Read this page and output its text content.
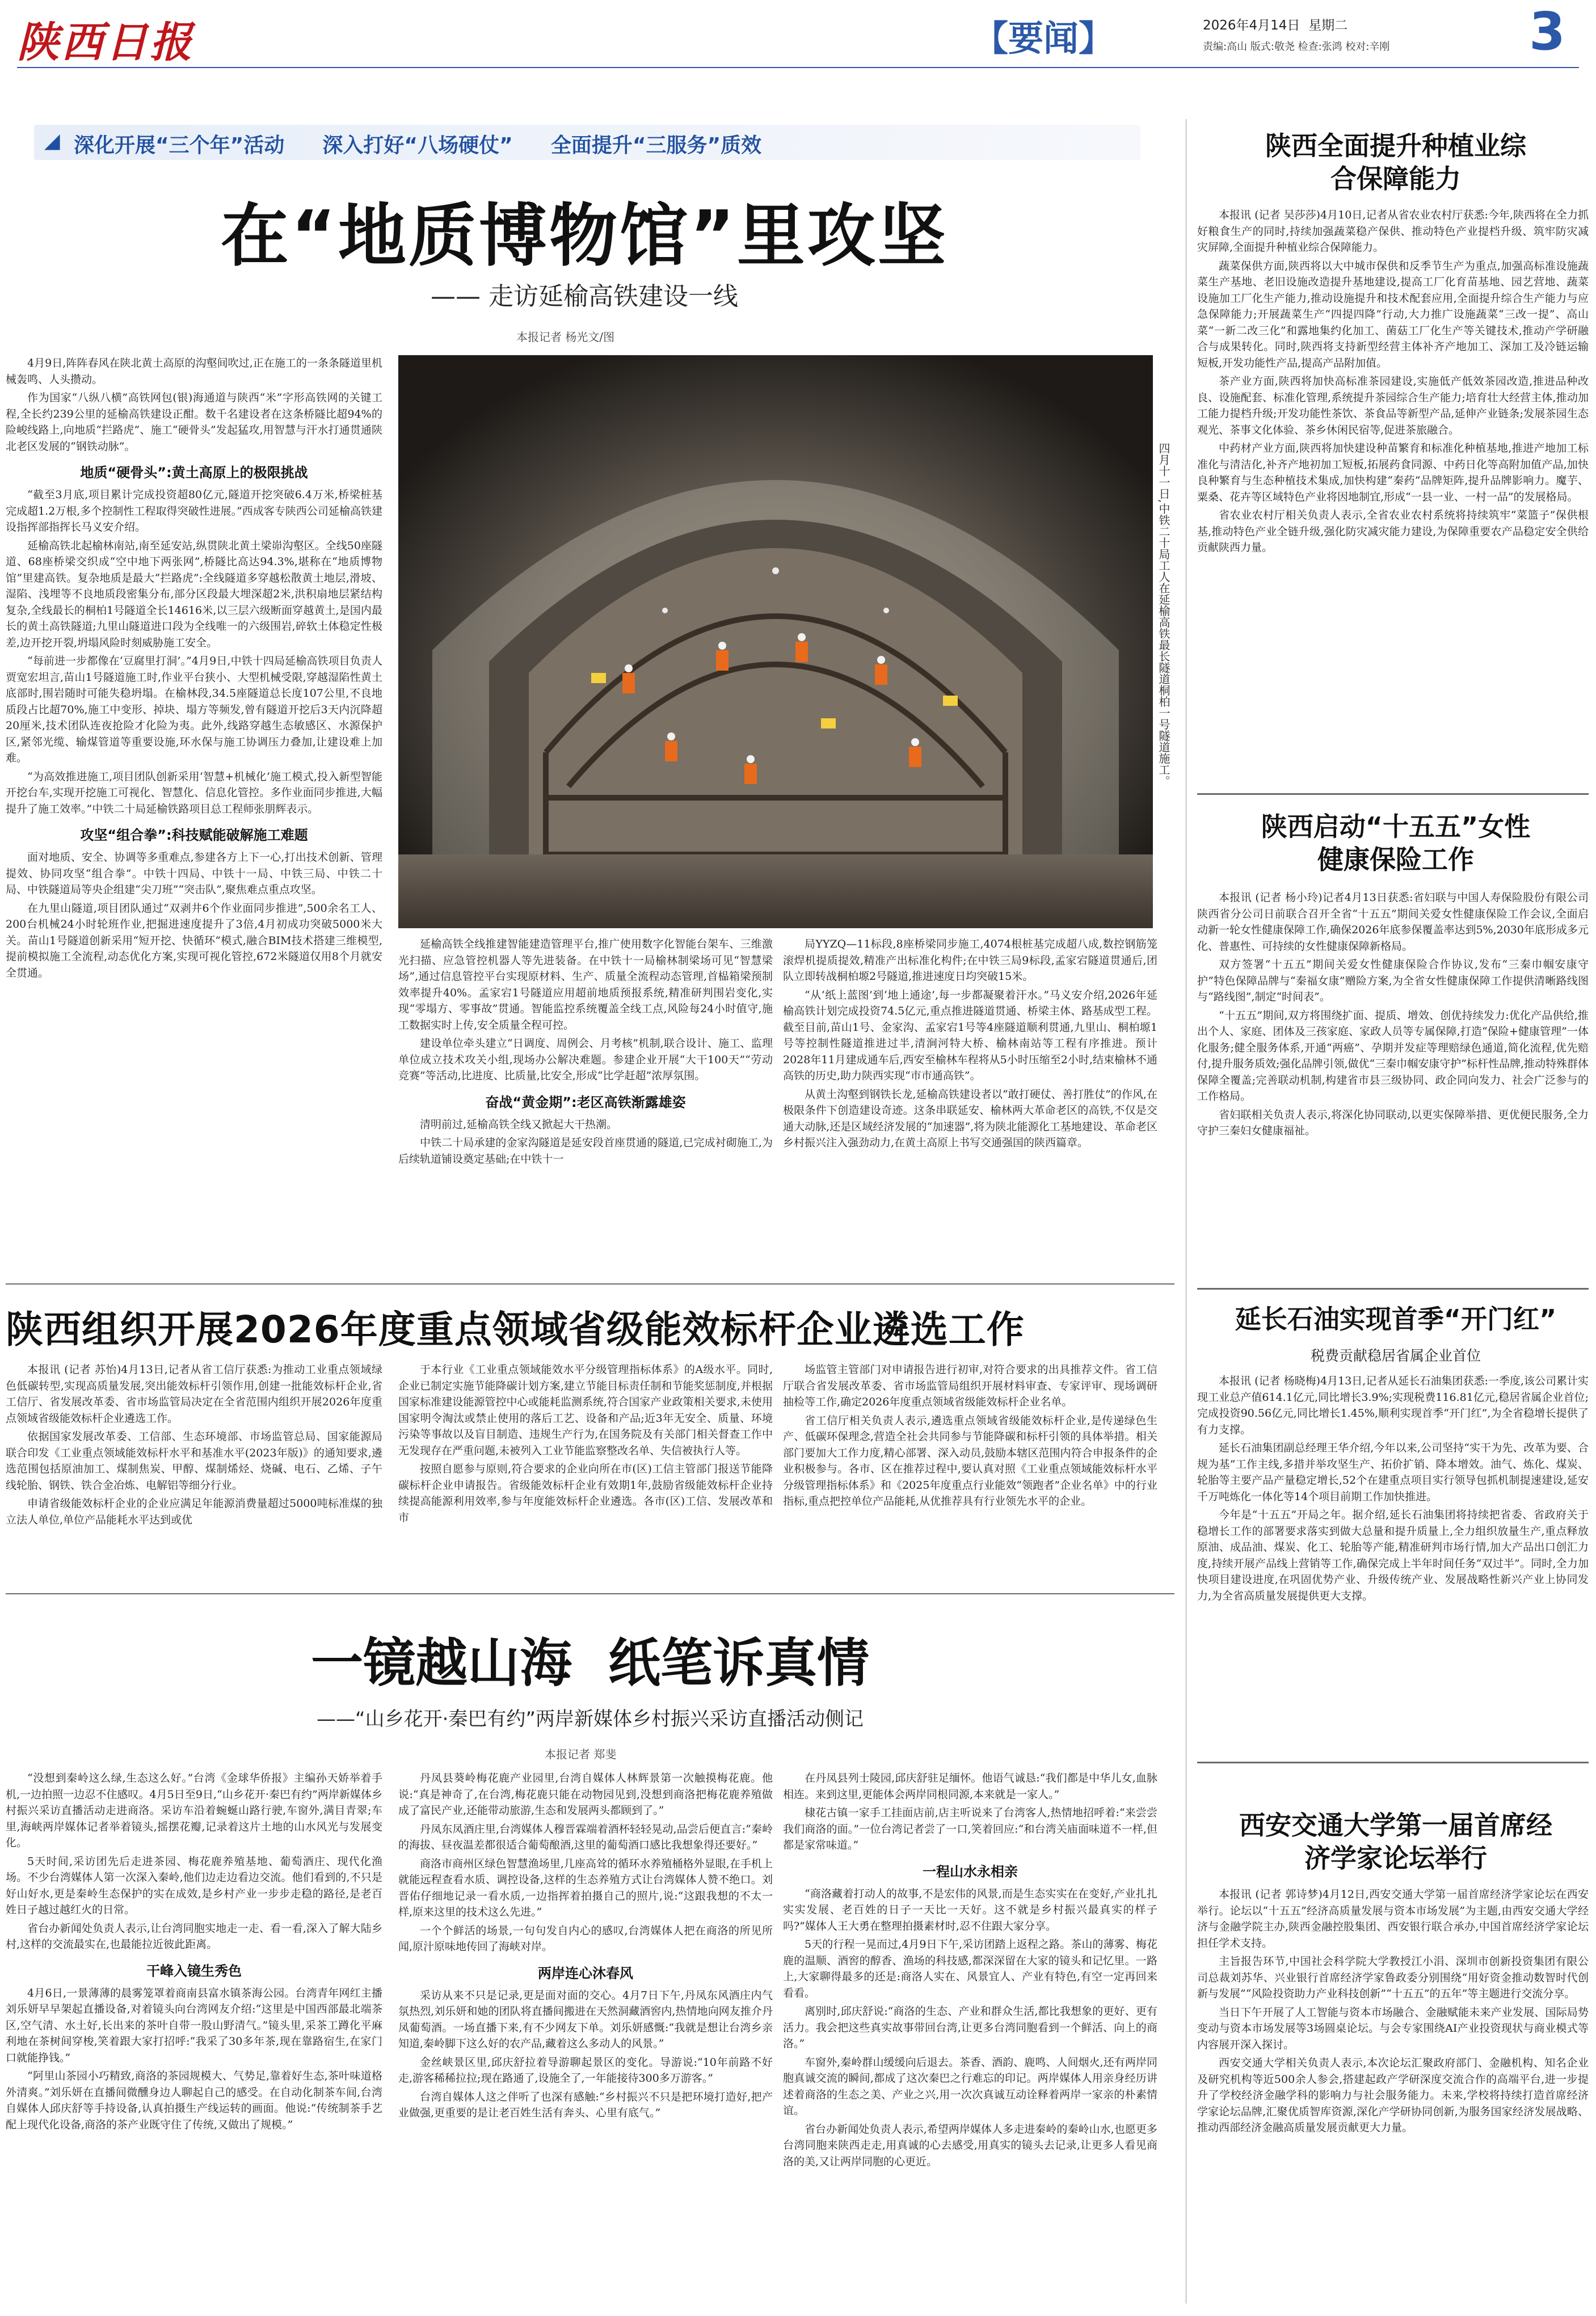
陕西日报	【要闻】	2026年4月14日 星期二
责编:高山 版式:敬尧 检查:张鸿 校对:辛刚	3
◢ 深化开展“三个年”活动 深入打好“八场硬仗” 全面提升“三服务”质效
在“地质博物馆”里攻坚
—— 走访延榆高铁建设一线
本报记者 杨光文/图

4月9日,阵阵春风在陕北黄土高原的沟壑间吹过,正在施工的一条条隧道里机械轰鸣、人头攒动。

作为国家“八纵八横”高铁网包(银)海通道与陕西“米”字形高铁网的关键工程,全长约239公里的延榆高铁建设正酣。数千名建设者在这条桥隧比超94%的险峻线路上,向地质“拦路虎”、施工“硬骨头”发起猛攻,用智慧与汗水打通贯通陕北老区发展的“钢铁动脉”。

地质“硬骨头”:黄土高原上的极限挑战

“截至3月底,项目累计完成投资超80亿元,隧道开挖突破6.4万米,桥梁桩基完成超1.2万根,多个控制性工程取得突破性进展。”西成客专陕西公司延榆高铁建设指挥部指挥长马义安介绍。

延榆高铁北起榆林南站,南至延安站,纵贯陕北黄土梁峁沟壑区。全线50座隧道、68座桥梁交织成“空中地下两张网”,桥隧比高达94.3%,堪称在“地质博物馆”里建高铁。复杂地质是最大“拦路虎”:全线隧道多穿越松散黄土地层,滑坡、湿陷、浅埋等不良地质段密集分布,部分区段最大埋深超2米,洪积扇地层紧结构复杂,全线最长的桐柏1号隧道全长14616米,以三层六级断面穿越黄土,是国内最长的黄土高铁隧道;九里山隧道进口段为全线唯一的六级围岩,碎软土体稳定性极差,边开挖开裂,坍塌风险时刻威胁施工安全。

“每前进一步都像在‘豆腐里打洞’。”4月9日,中铁十四局延榆高铁项目负责人贾宽宏坦言,苗山1号隧道施工时,作业平台狭小、大型机械受限,穿越湿陷性黄土底部时,围岩随时可能失稳坍塌。在榆林段,34.5座隧道总长度107公里,不良地质段占比超70%,施工中变形、掉块、塌方等频发,曾有隧道开挖后3天内沉降超20厘米,技术团队连夜抢险才化险为夷。此外,线路穿越生态敏感区、水源保护区,紧邻光缆、输煤管道等重要设施,环水保与施工协调压力叠加,让建设难上加难。

“为高效推进施工,项目团队创新采用‘智慧+机械化’施工模式,投入新型智能开挖台车,实现开挖施工可视化、智慧化、信息化管控。多作业面同步推进,大幅提升了施工效率。”中铁二十局延榆铁路项目总工程师张朋辉表示。

攻坚“组合拳”:科技赋能破解施工难题

面对地质、安全、协调等多重难点,参建各方上下一心,打出技术创新、管理提效、协同攻坚“组合拳”。中铁十四局、中铁十一局、中铁三局、中铁二十局、中铁隧道局等央企组建“尖刀班”“突击队”,聚焦难点重点攻坚。

在九里山隧道,项目团队通过“双剥井6个作业面同步推进”,500余名工人、200台机械24小时轮班作业,把掘进速度提升了3倍,4月初成功突破5000米大关。苗山1号隧道创新采用“短开挖、快循环”模式,融合BIM技术搭建三维模型,提前模拟施工全流程,动态优化方案,实现可视化管控,672米隧道仅用8个月就安全贯通。

四月十一日,中铁二十局工人在延榆高铁最长隧道桐柏一号隧道施工。

延榆高铁全线推建智能建造管理平台,推广使用数字化智能台架车、三维激光扫描、应急管控机器人等先进装备。在中铁十一局榆林制梁场可见“智慧梁场”,通过信息管控平台实现原材料、生产、质量全流程动态管理,首榀箱梁预制效率提升40%。孟家宕1号隧道应用超前地质预报系统,精准研判围岩变化,实现“零塌方、零事故”贯通。智能监控系统覆盖全线工点,风险每24小时值守,施工数据实时上传,安全质量全程可控。

建设单位牵头建立“日调度、周例会、月考核”机制,联合设计、施工、监理单位成立技术攻关小组,现场办公解决难题。参建企业开展“大干100天”“劳动竞赛”等活动,比进度、比质量,比安全,形成“比学赶超”浓厚氛围。

奋战“黄金期”:老区高铁渐露雄姿

清明前过,延榆高铁全线又掀起大干热潮。

中铁二十局承建的金家沟隧道是延安段首座贯通的隧道,已完成衬砌施工,为后续轨道铺设奠定基础;在中铁十一

局YYZQ—11标段,8座桥梁同步施工,4074根桩基完成超八成,数控钢筋笼滚焊机提质提效,精准产出标准化构件;在中铁三局9标段,孟家宕隧道贯通后,团队立即转战桐柏塬2号隧道,推进速度日均突破15米。

“从‘纸上蓝图’到‘地上通途’,每一步都凝聚着汗水。”马义安介绍,2026年延榆高铁计划完成投资74.5亿元,重点推进隧道贯通、桥梁主体、路基成型工程。截至目前,苗山1号、金家沟、孟家宕1号等4座隧道顺利贯通,九里山、桐柏塬1号等控制性隧道推进过半,清涧河特大桥、榆林南站等工程有序推进。预计2028年11月建成通车后,西安至榆林车程将从5小时压缩至2小时,结束榆林不通高铁的历史,助力陕西实现“市市通高铁”。

从黄土沟壑到钢铁长龙,延榆高铁建设者以“敢打硬仗、善打胜仗”的作风,在极限条件下创造建设奇迹。这条串联延安、榆林两大革命老区的高铁,不仅是交通大动脉,还是区域经济发展的“加速器”,将为陕北能源化工基地建设、革命老区乡村振兴注入强劲动力,在黄土高原上书写交通强国的陕西篇章。

陕西全面提升种植业综合保障能力

本报讯 (记者 吴莎莎)4月10日,记者从省农业农村厅获悉:今年,陕西将在全力抓好粮食生产的同时,持续加强蔬菜稳产保供、推动特色产业提档升级、筑牢防灾减灾屏障,全面提升种植业综合保障能力。

蔬菜保供方面,陕西将以大中城市保供和反季节生产为重点,加强高标准设施蔬菜生产基地、老旧设施改造提升基地建设,提高工厂化育苗基地、园艺营地、蔬菜设施加工厂化生产能力,推动设施提升和技术配套应用,全面提升综合生产能力与应急保障能力;开展蔬菜生产“四提四降”行动,大力推广设施蔬菜“三改一提”、高山菜“一新二改三化”和露地集约化加工、菌菇工厂化生产等关键技术,推动产学研融合与成果转化。同时,陕西将支持新型经营主体补齐产地加工、深加工及冷链运输短板,开发功能性产品,提高产品附加值。

茶产业方面,陕西将加快高标准茶园建设,实施低产低效茶园改造,推进品种改良、设施配套、标准化管理,系统提升茶园综合生产能力;培育壮大经营主体,推动加工能力提档升级;开发功能性茶饮、茶食品等新型产品,延伸产业链条;发展茶园生态观光、茶事文化体验、茶乡休闲民宿等,促进茶旅融合。

中药材产业方面,陕西将加快建设种苗繁育和标准化种植基地,推进产地加工标准化与清洁化,补齐产地初加工短板,拓展药食同源、中药日化等高附加值产品,加快良种繁育与生态种植技术集成,加快构建“秦药”品牌矩阵,提升品牌影响力。魔芋、粟桑、花卉等区域特色产业将因地制宜,形成“一县一业、一村一品”的发展格局。

省农业农村厅相关负责人表示,全省农业农村系统将持续筑牢“菜篮子”保供根基,推动特色产业全链升级,强化防灾减灾能力建设,为保障重要农产品稳定安全供给贡献陕西力量。

陕西启动“十五五”女性健康保险工作

本报讯 (记者 杨小玲)记者4月13日获悉:省妇联与中国人寿保险股份有限公司陕西省分公司日前联合召开全省“十五五”期间关爱女性健康保险工作会议,全面启动新一轮女性健康保障工作,确保2026年底参保覆盖率达到5%,2030年底形成多元化、普惠性、可持续的女性健康保障新格局。

双方签署“十五五”期间关爱女性健康保险合作协议,发布“三秦巾帼安康守护”特色保障品牌与“秦福女康”赠险方案,为全省女性健康保障工作提供清晰路线图与“路线图”,制定“时间表”。

“十五五”期间,双方将围绕扩面、提质、增效、创优持续发力:优化产品供给,推出个人、家庭、团体及三孩家庭、家政人员等专属保障,打造“保险+健康管理”一体化服务;健全服务体系,开通“两癌”、孕期并发症等理赔绿色通道,简化流程,优先赔付,提升服务质效;强化品牌引领,做优“三秦巾帼安康守护”标杆性品牌,推动特殊群体保障全覆盖;完善联动机制,构建省市县三级协同、政企同向发力、社会广泛参与的工作格局。

省妇联相关负责人表示,将深化协同联动,以更实保障举措、更优便民服务,全力守护三秦妇女健康福祉。

延长石油实现首季“开门红”
税费贡献稳居省属企业首位

本报讯 (记者 杨晓梅)4月13日,记者从延长石油集团获悉:一季度,该公司累计实现工业总产值614.1亿元,同比增长3.9%;实现税费116.81亿元,稳居省属企业首位;完成投资90.56亿元,同比增长1.45%,顺利实现首季“开门红”,为全省稳增长提供了有力支撑。

延长石油集团副总经理王华介绍,今年以来,公司坚持“实干为先、改革为要、合规为基”工作主线,多措并举攻坚生产、拓价扩销、降本增效。油气、炼化、煤炭、轮胎等主要产品产量稳定增长,52个在建重点项目实行领导包抓机制提速建设,延安千万吨炼化一体化等14个项目前期工作加快推进。

今年是“十五五”开局之年。据介绍,延长石油集团将持续把省委、省政府关于稳增长工作的部署要求落实到做大总量和提升质量上,全力组织放量生产,重点释放原油、成品油、煤炭、化工、轮胎等产能,精准研判市场行情,加大产品出口创汇力度,持续开展产品线上营销等工作,确保完成上半年时间任务“双过半”。同时,全力加快项目建设进度,在巩固优势产业、升级传统产业、发展战略性新兴产业上协同发力,为全省高质量发展提供更大支撑。

西安交通大学第一届首席经济学家论坛举行

本报讯 (记者 郭诗梦)4月12日,西安交通大学第一届首席经济学家论坛在西安举行。论坛以“十五五”经济高质量发展与资本市场发展”为主题,由西安交通大学经济与金融学院主办,陕西金融控股集团、西安银行联合承办,中国首席经济学家论坛担任学术支持。

主旨报告环节,中国社会科学院大学教授江小涓、深圳市创新投资集团有限公司总裁刘苏华、兴业银行首席经济学家鲁政委分别围绕“用好资金推动数智时代创新与发展”“风险投资助力产业科技创新”“十五五”的五年”等主题进行交流分享。

当日下午开展了人工智能与资本市场融合、金融赋能未来产业发展、国际局势变动与资本市场发展等3场圆桌论坛。与会专家围绕AI产业投资现状与商业模式等内容展开深入探讨。

西安交通大学相关负责人表示,本次论坛汇聚政府部门、金融机构、知名企业及研究机构等近500余人参会,搭建起政产学研深度交流合作的高端平台,进一步提升了学校经济金融学科的影响力与社会服务能力。未来,学校将持续打造首席经济学家论坛品牌,汇聚优质智库资源,深化产学研协同创新,为服务国家经济发展战略、推动西部经济金融高质量发展贡献更大力量。

陕西组织开展2026年度重点领域省级能效标杆企业遴选工作

本报讯 (记者 苏怡)4月13日,记者从省工信厅获悉:为推动工业重点领域绿色低碳转型,实现高质量发展,突出能效标杆引领作用,创建一批能效标杆企业,省工信厅、省发展改革委、省市场监管局决定在全省范围内组织开展2026年度重点领域省级能效标杆企业遴选工作。

依据国家发展改革委、工信部、生态环境部、市场监管总局、国家能源局联合印发《工业重点领域能效标杆水平和基准水平(2023年版)》的通知要求,遴选范围包括原油加工、煤制焦炭、甲醇、煤制烯烃、烧碱、电石、乙烯、子午线轮胎、钢铁、铁合金冶炼、电解铝等细分行业。

申请省级能效标杆企业的企业应满足年能源消费量超过5000吨标准煤的独立法人单位,单位产品能耗水平达到或优

于本行业《工业重点领域能效水平分级管理指标体系》的A级水平。同时,企业已制定实施节能降碳计划方案,建立节能目标责任制和节能奖惩制度,并根据国家标准建设能源管控中心或能耗监测系统,符合国家产业政策相关要求,未使用国家明令淘汰或禁止使用的落后工艺、设备和产品;近3年无安全、质量、环境污染等事故以及盲目制造、违规生产行为,在国务院及有关部门相关督查工作中无发现存在严重问题,未被列入工业节能监察整改名单、失信被执行人等。

按照自愿参与原则,符合要求的企业向所在市(区)工信主管部门报送节能降碳标杆企业申请报告。省级能效标杆企业有效期1年,鼓励省级能效标杆企业持续提高能源利用效率,参与年度能效标杆企业遴选。各市(区)工信、发展改革和市

场监管主管部门对申请报告进行初审,对符合要求的出具推荐文件。省工信厅联合省发展改革委、省市场监管局组织开展材料审查、专家评审、现场调研抽检等工作,确定2026年度重点领域省级能效标杆企业名单。

省工信厅相关负责人表示,遴选重点领域省级能效标杆企业,是传递绿色生产、低碳环保理念,营造全社会共同参与节能降碳和标杆引领的具体举措。相关部门要加大工作力度,精心部署、深入动员,鼓励本辖区范围内符合申报条件的企业积极参与。各市、区在推荐过程中,要认真对照《工业重点领域能效标杆水平分级管理指标体系》和《2025年度重点行业能效“领跑者”企业名单》中的行业指标,重点把控单位产品能耗,从优推荐具有行业领先水平的企业。

一镜越山海  纸笔诉真情
——“山乡花开·秦巴有约”两岸新媒体乡村振兴采访直播活动侧记
本报记者 郑斐

“没想到秦岭这么绿,生态这么好。”台湾《金球华侨报》主编孙天娇举着手机,一边拍照一边忍不住感叹。4月5日至9日,“山乡花开·秦巴有约”两岸新媒体乡村振兴采访直播活动走进商洛。采访车沿着蜿蜒山路行驶,车窗外,满目青翠;车里,海峡两岸媒体记者举着镜头,摇摆花瓣,记录着这片土地的山水风光与发展变化。

5天时间,采访团先后走进茶园、梅花鹿养殖基地、葡萄酒庄、现代化渔场。不少台湾媒体人第一次深入秦岭,他们边走边看边交流。他们看到的,不只是好山好水,更是秦岭生态保护的实在成效,是乡村产业一步步走稳的路径,是老百姓日子越过越红火的日常。

省台办新闻处负责人表示,让台湾同胞实地走一走、看一看,深入了解大陆乡村,这样的交流最实在,也最能拉近彼此距离。

干峰入镜生秀色

4月6日,一景薄薄的晨雾笼罩着商南县富水镇茶海公园。台湾青年网红主播刘乐妍早早架起直播设备,对着镜头向台湾网友介绍:“这里是中国西部最北端茶区,空气清、水土好,长出来的茶叶自带一股山野清气。”镜头里,采茶工蹲化平麻利地在茶树间穿梭,笑着跟大家打招呼:“我采了30多年茶,现在靠路宿生,在家门口就能挣钱。”

“阿里山茶园小巧精致,商洛的茶园规模大、气势足,靠着好生态,茶叶味道格外清爽。”刘乐妍在直播间微醺身边人聊起自己的感受。在自动化制茶车间,台湾自媒体人邱庆舒等手持设备,认真拍摄生产线运转的画面。他说:“传统制茶手艺配上现代化设备,商洛的茶产业既守住了传统,又做出了规模。”

丹凤县葵岭梅花鹿产业园里,台湾自媒体人林辉景第一次触摸梅花鹿。他说:“真是神奇了,在台湾,梅花鹿只能在动物园见到,没想到商洛把梅花鹿养殖做成了富民产业,还能带动旅游,生态和发展两头都顾到了。”

丹凤东凤酒庄里,台湾媒体人穆晋霖端着酒杯轻轻晃动,品尝后便直言:“秦岭的海拔、昼夜温差都很适合葡萄酿酒,这里的葡萄酒口感比我想象得还要好。”

商洛市商州区绿色智慧渔场里,几座高耸的循环水养殖桶格外显眼,在手机上就能远程查看水质、调控设备,这样的生态养殖方式让台湾媒体人赞不绝口。刘晋佑仔细地记录一看水质,一边指挥着拍摄自己的照片,说:“这跟我想的不太一样,原来这里的技术这么先进。”

一个个鲜活的场景,一句句发自内心的感叹,台湾媒体人把在商洛的所见所闻,原汁原味地传回了海峡对岸。

两岸连心沐春风

采访从来不只是记录,更是面对面的交心。4月7日下午,丹凤东风酒庄内气氛热烈,刘乐妍和她的团队将直播间搬进在天然洞藏酒窖内,热情地向网友推介丹凤葡萄酒。一场直播下来,有不少网友下单。刘乐妍感慨:“我就是想让台湾乡亲知道,秦岭脚下这么好的农产品,藏着这么多动人的风景。”

金丝峡景区里,邱庆舒拉着导游聊起景区的变化。导游说:“10年前路不好走,游客稀稀拉拉;现在路通了,设施全了,一年能接待300多万游客。”

台湾自媒体人这之伴听了也深有感触:“乡村振兴不只是把环境打造好,把产业做强,更重要的是让老百姓生活有奔头、心里有底气。”

在丹凤县列士陵园,邱庆舒驻足缅怀。他语气诚恳:“我们都是中华儿女,血脉相连。来到这里,更能体会两岸同根同源,本来就是一家人。”

棣花古镇一家手工挂面店前,店主听说来了台湾客人,热情地招呼着:“来尝尝我们商洛的面。”一位台湾记者尝了一口,笑着回应:“和台湾关庙面味道不一样,但都是家常味道。”

一程山水永相亲

“商洛藏着打动人的故事,不是宏伟的风景,而是生态实实在在变好,产业扎扎实实发展、老百姓的日子一天比一天好。这不就是乡村振兴最真实的样子吗?”媒体人王大勇在整理拍摄素材时,忍不住跟大家分享。

5天的行程一晃而过,4月9日下午,采访团踏上返程之路。茶山的薄雾、梅花鹿的温顺、酒窖的醇香、渔场的科技感,都深深留在大家的镜头和记忆里。一路上,大家聊得最多的还是:商洛人实在、风景宜人、产业有特色,有空一定再回来看看。

离别时,邱庆舒说:“商洛的生态、产业和群众生活,都比我想象的更好、更有活力。我会把这些真实故事带回台湾,让更多台湾同胞看到一个鲜活、向上的商洛。”

车窗外,秦岭群山缓缓向后退去。茶香、酒韵、鹿鸣、人间烟火,还有两岸同胞真诚交流的瞬间,都成了这次秦巴之行难忘的印记。两岸媒体人用亲身经历讲述着商洛的生态之美、产业之兴,用一次次真诚互动诠释着两岸一家亲的朴素情谊。

省台办新闻处负责人表示,希望两岸媒体人多走进秦岭的秦岭山水,也愿更多台湾同胞来陕西走走,用真诚的心去感受,用真实的镜头去记录,让更多人看见商洛的美,又让两岸同胞的心更近。
